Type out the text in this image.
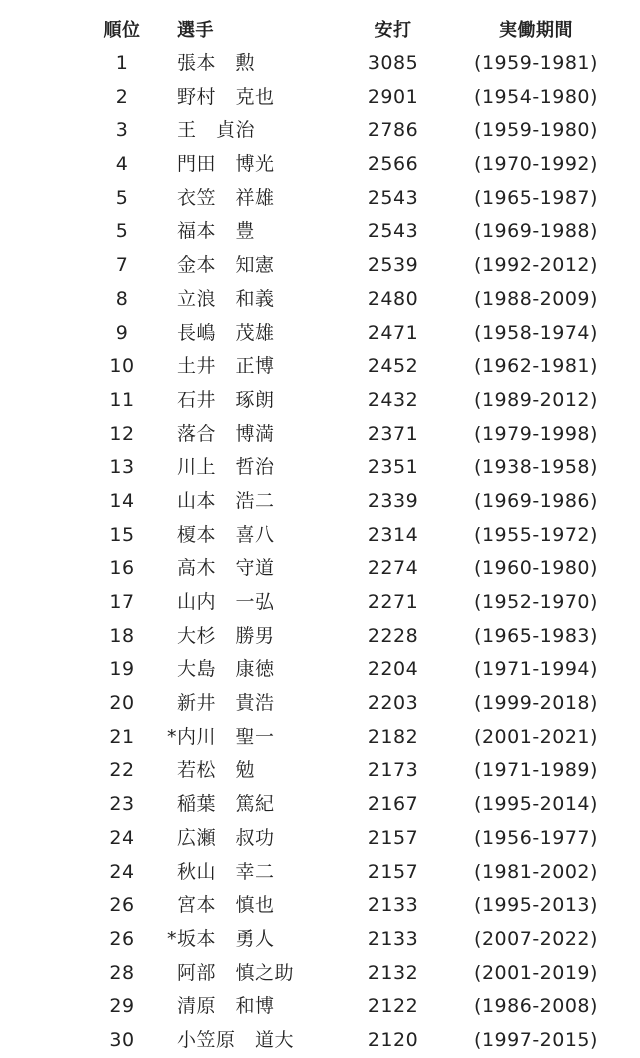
順位	選手	安打	実働期間
1	張本　勲	3085	(1959-1981)
2	野村　克也	2901	(1954-1980)
3	王　貞治	2786	(1959-1980)
4	門田　博光	2566	(1970-1992)
5	衣笠　祥雄	2543	(1965-1987)
5	福本　豊	2543	(1969-1988)
7	金本　知憲	2539	(1992-2012)
8	立浪　和義	2480	(1988-2009)
9	長嶋　茂雄	2471	(1958-1974)
10	土井　正博	2452	(1962-1981)
11	石井　琢朗	2432	(1989-2012)
12	落合　博満	2371	(1979-1998)
13	川上　哲治	2351	(1938-1958)
14	山本　浩二	2339	(1969-1986)
15	榎本　喜八	2314	(1955-1972)
16	高木　守道	2274	(1960-1980)
17	山内　一弘	2271	(1952-1970)
18	大杉　勝男	2228	(1965-1983)
19	大島　康徳	2204	(1971-1994)
20	新井　貴浩	2203	(1999-2018)
21	* 内川　聖一	2182	(2001-2021)
22	若松　勉	2173	(1971-1989)
23	稲葉　篤紀	2167	(1995-2014)
24	広瀬　叔功	2157	(1956-1977)
24	秋山　幸二	2157	(1981-2002)
26	宮本　慎也	2133	(1995-2013)
26	* 坂本　勇人	2133	(2007-2022)
28	阿部　慎之助	2132	(2001-2019)
29	清原　和博	2122	(1986-2008)
30	小笠原　道大	2120	(1997-2015)
